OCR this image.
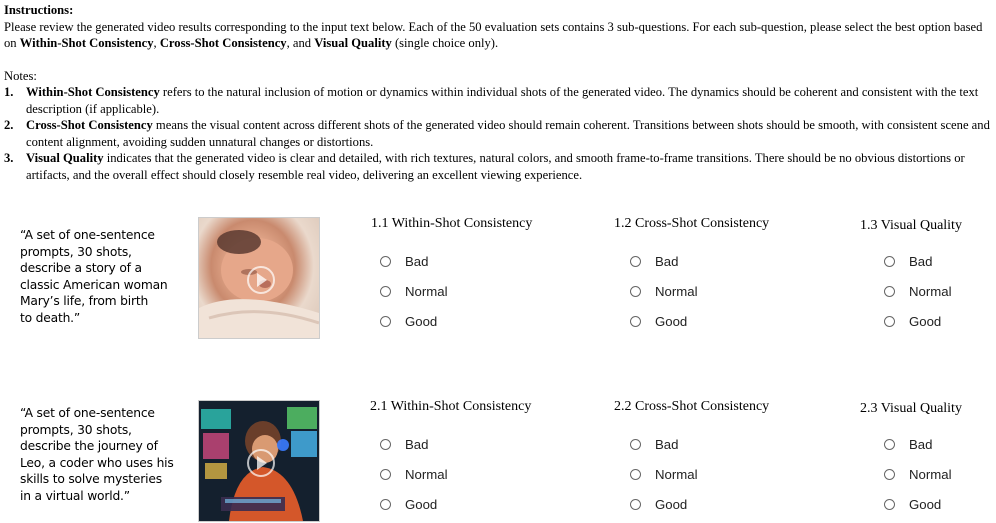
Instructions:
Please review the generated video results corresponding to the input text below. Each of the 50 evaluation sets contains 3 sub-questions. For each sub-question, please select the best option based on Within-Shot Consistency, Cross-Shot Consistency, and Visual Quality (single choice only).
Notes:
1. Within-Shot Consistency refers to the natural inclusion of motion or dynamics within individual shots of the generated video. The dynamics should be coherent and consistent with the text description (if applicable).
2. Cross-Shot Consistency means the visual content across different shots of the generated video should remain coherent. Transitions between shots should be smooth, with consistent scene and content alignment, avoiding sudden unnatural changes or distortions.
3. Visual Quality indicates that the generated video is clear and detailed, with rich textures, natural colors, and smooth frame-to-frame transitions. There should be no obvious distortions or artifacts, and the overall effect should closely resemble real video, delivering an excellent viewing experience.
“A set of one-sentence
prompts, 30 shots,
describe a story of a
classic American woman
Mary’s life, from birth
to death.”
1.1 Within-Shot Consistency
Bad
Normal
Good
1.2 Cross-Shot Consistency
Bad
Normal
Good
1.3 Visual Quality
Bad
Normal
Good
“A set of one-sentence
prompts, 30 shots,
describe the journey of
Leo, a coder who uses his
skills to solve mysteries
in a virtual world.”
2.1 Within-Shot Consistency
Bad
Normal
Good
2.2 Cross-Shot Consistency
Bad
Normal
Good
2.3 Visual Quality
Bad
Normal
Good
